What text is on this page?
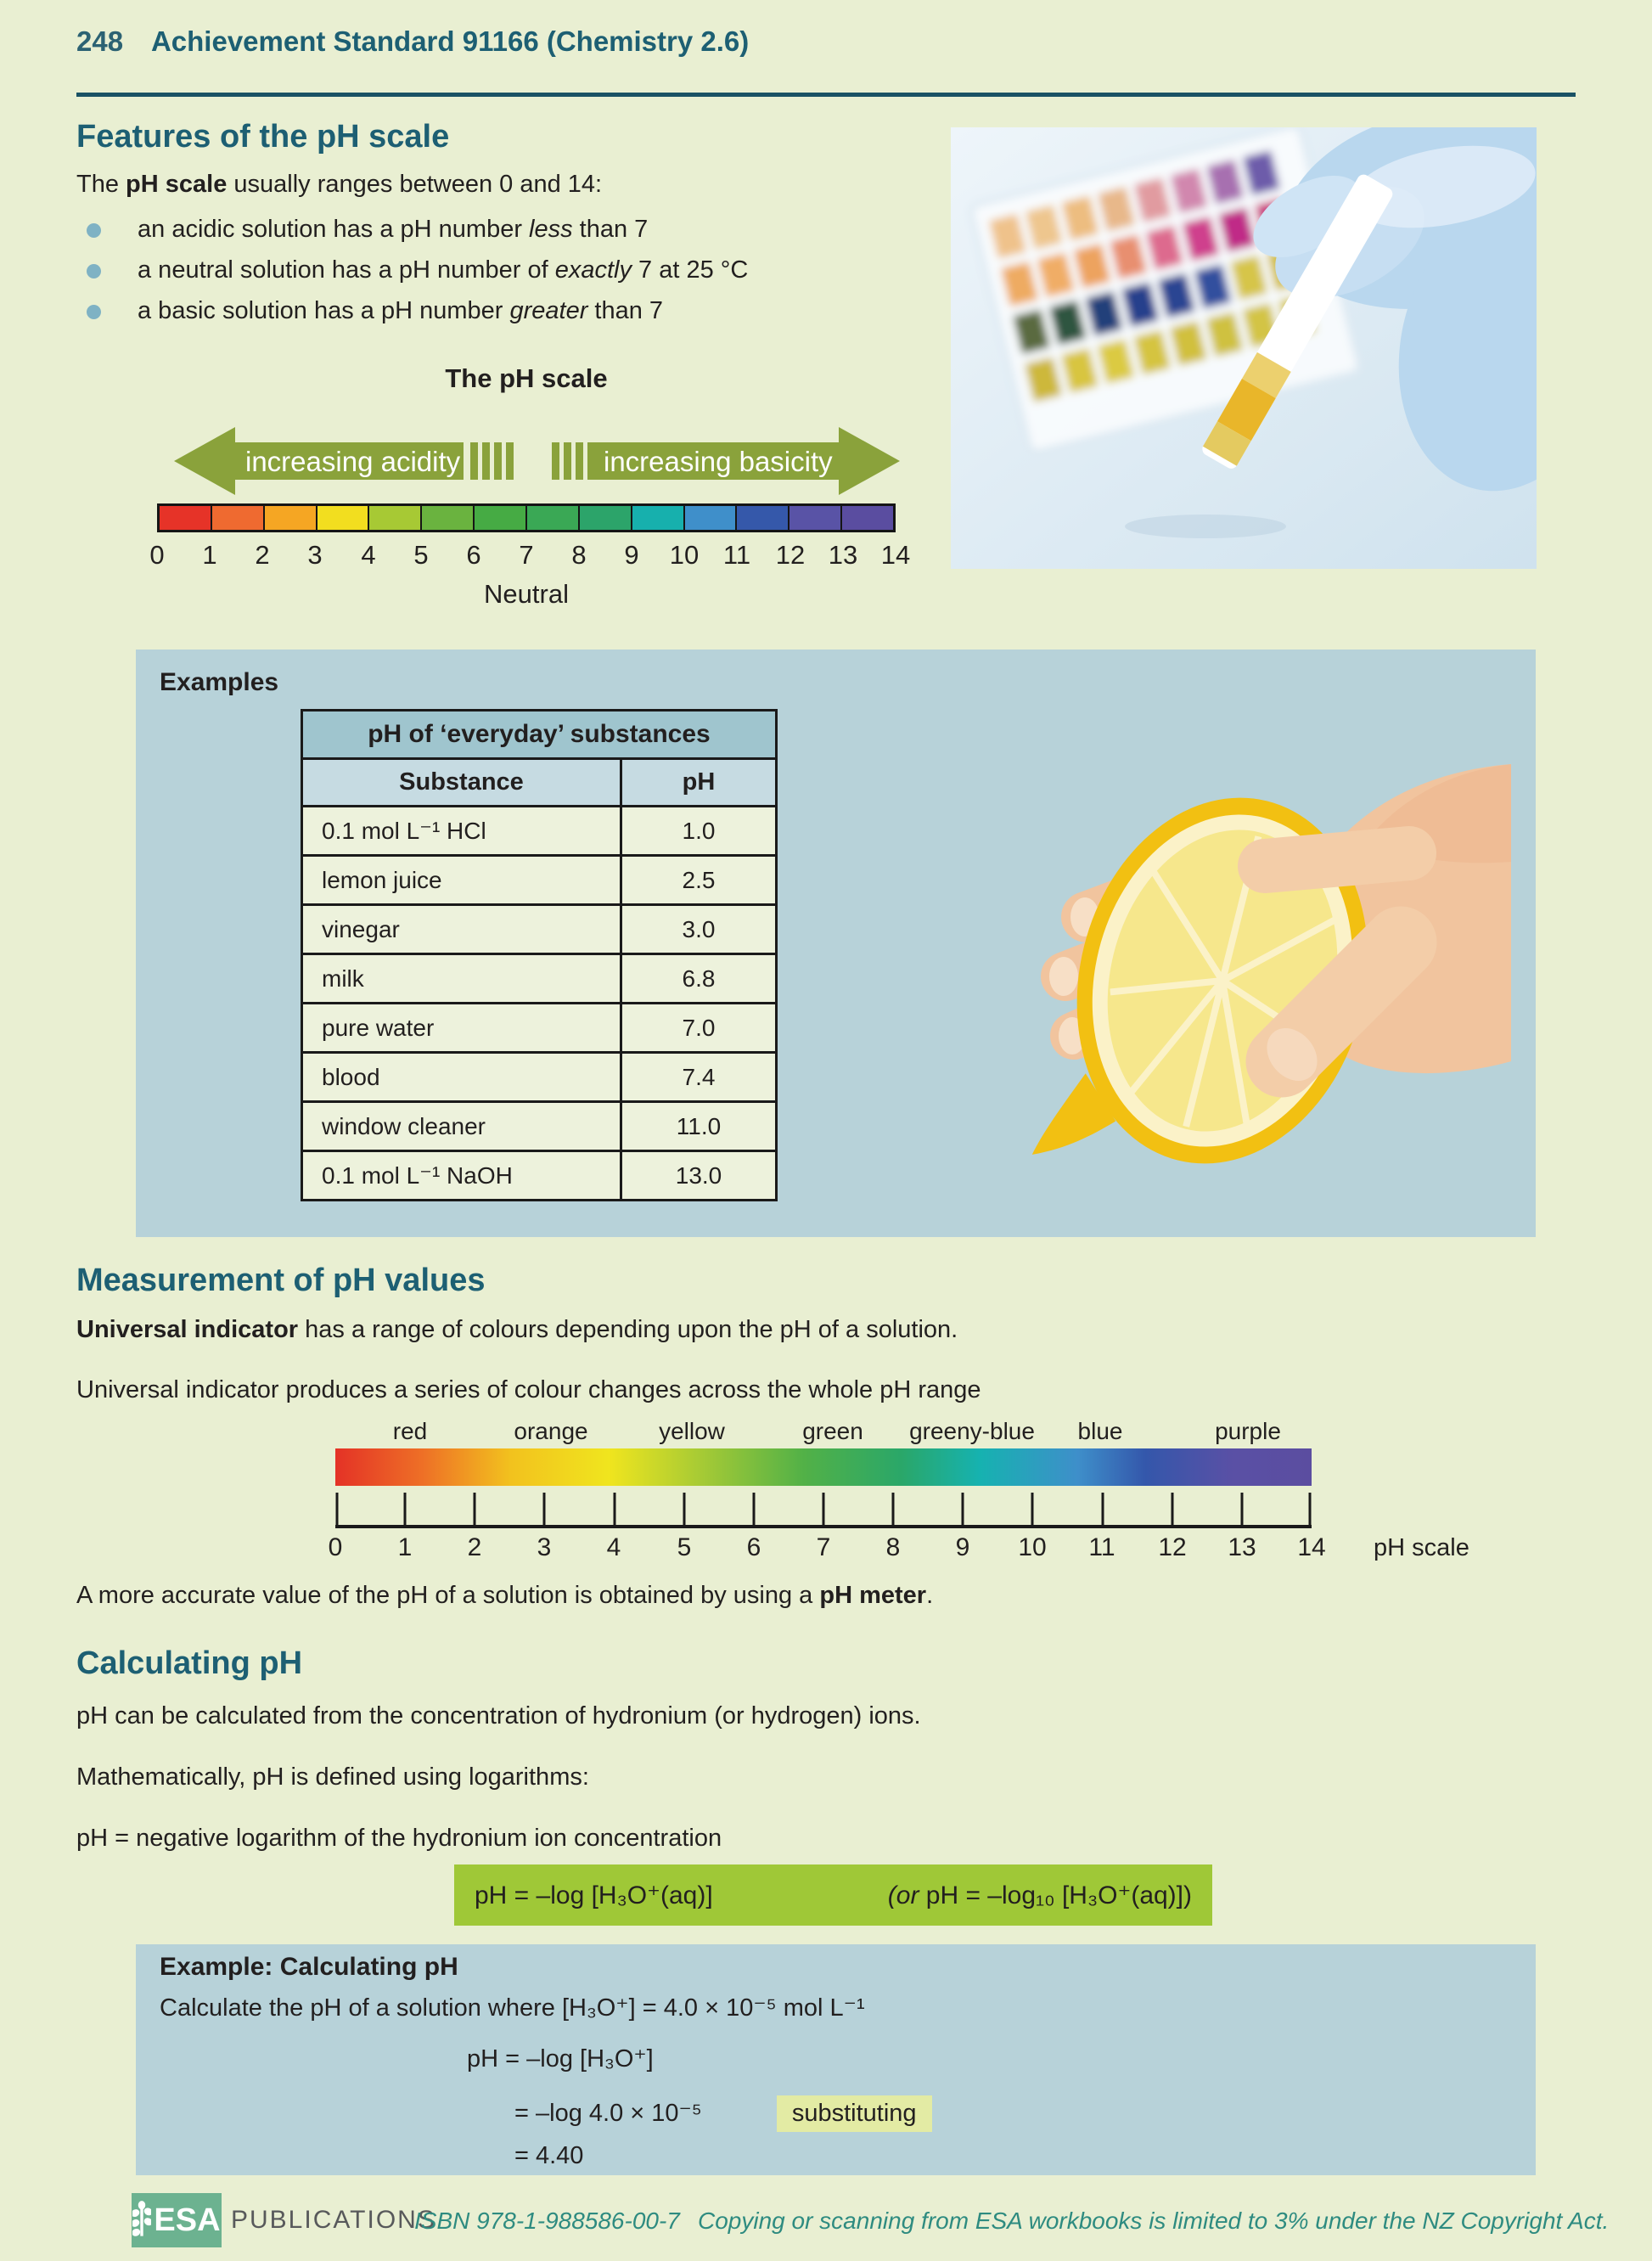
248 Achievement Standard 91166 (Chemistry 2.6)
Features of the pH scale
The pH scale usually ranges between 0 and 14:
an acidic solution has a pH number less than 7
a neutral solution has a pH number of exactly 7 at 25 °C
a basic solution has a pH number greater than 7
The pH scale
increasing acidity	increasing basicity
0 1 2 3 4 5 6 7 8 9 10 11 12 13 14
Neutral
Examples
pH of ‘everyday’ substances	
Substance	pH
0.1 mol L⁻¹ HCl	1.0
lemon juice	2.5
vinegar	3.0
milk	6.8
pure water	7.0
blood	7.4
window cleaner	11.0
0.1 mol L⁻¹ NaOH	13.0
Measurement of pH values
Universal indicator has a range of colours depending upon the pH of a solution.
Universal indicator produces a series of colour changes across the whole pH range
red	orange	yellow	green greeny-blue blue	purple
0 1 2 3 4 5 6 7 8 9 10 11 12 13 14 pH scale
A more accurate value of the pH of a solution is obtained by using a pH meter.
Calculating pH
pH can be calculated from the concentration of hydronium (or hydrogen) ions.
Mathematically, pH is defined using logarithms:
pH = negative logarithm of the hydronium ion concentration
pH = –log [H₃O⁺(aq)]	(or pH = –log₁₀ [H₃O⁺(aq)])
Example: Calculating pH
Calculate the pH of a solution where [H₃O⁺] = 4.0 × 10⁻⁵ mol L⁻¹
pH = –log [H₃O⁺]
= –log 4.0 × 10⁻⁵	substituting
= 4.40
ESA PUBLICATIONS
ISBN 978-1-988586-00-7 Copying or scanning from ESA workbooks is limited to 3% under the NZ Copyright Act.
